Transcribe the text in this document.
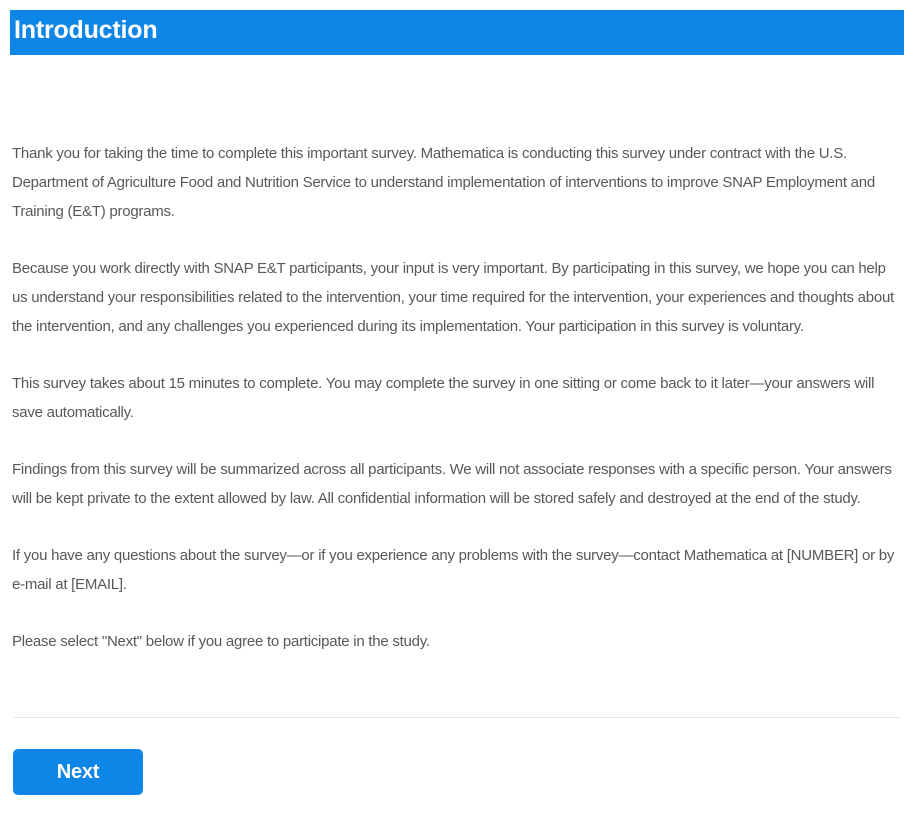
Introduction

Thank you for taking the time to complete this important survey. Mathematica is conducting this survey under contract with the U.S. Department of Agriculture Food and Nutrition Service to understand implementation of interventions to improve SNAP Employment and Training (E&T) programs.

Because you work directly with SNAP E&T participants, your input is very important. By participating in this survey, we hope you can help us understand your responsibilities related to the intervention, your time required for the intervention, your experiences and thoughts about the intervention, and any challenges you experienced during its implementation. Your participation in this survey is voluntary.

This survey takes about 15 minutes to complete. You may complete the survey in one sitting or come back to it later—your answers will save automatically.

Findings from this survey will be summarized across all participants. We will not associate responses with a specific person. Your answers will be kept private to the extent allowed by law. All confidential information will be stored safely and destroyed at the end of the study.

If you have any questions about the survey—or if you experience any problems with the survey—contact Mathematica at [NUMBER] or by e-mail at [EMAIL].

Please select "Next" below if you agree to participate in the study.

Next
